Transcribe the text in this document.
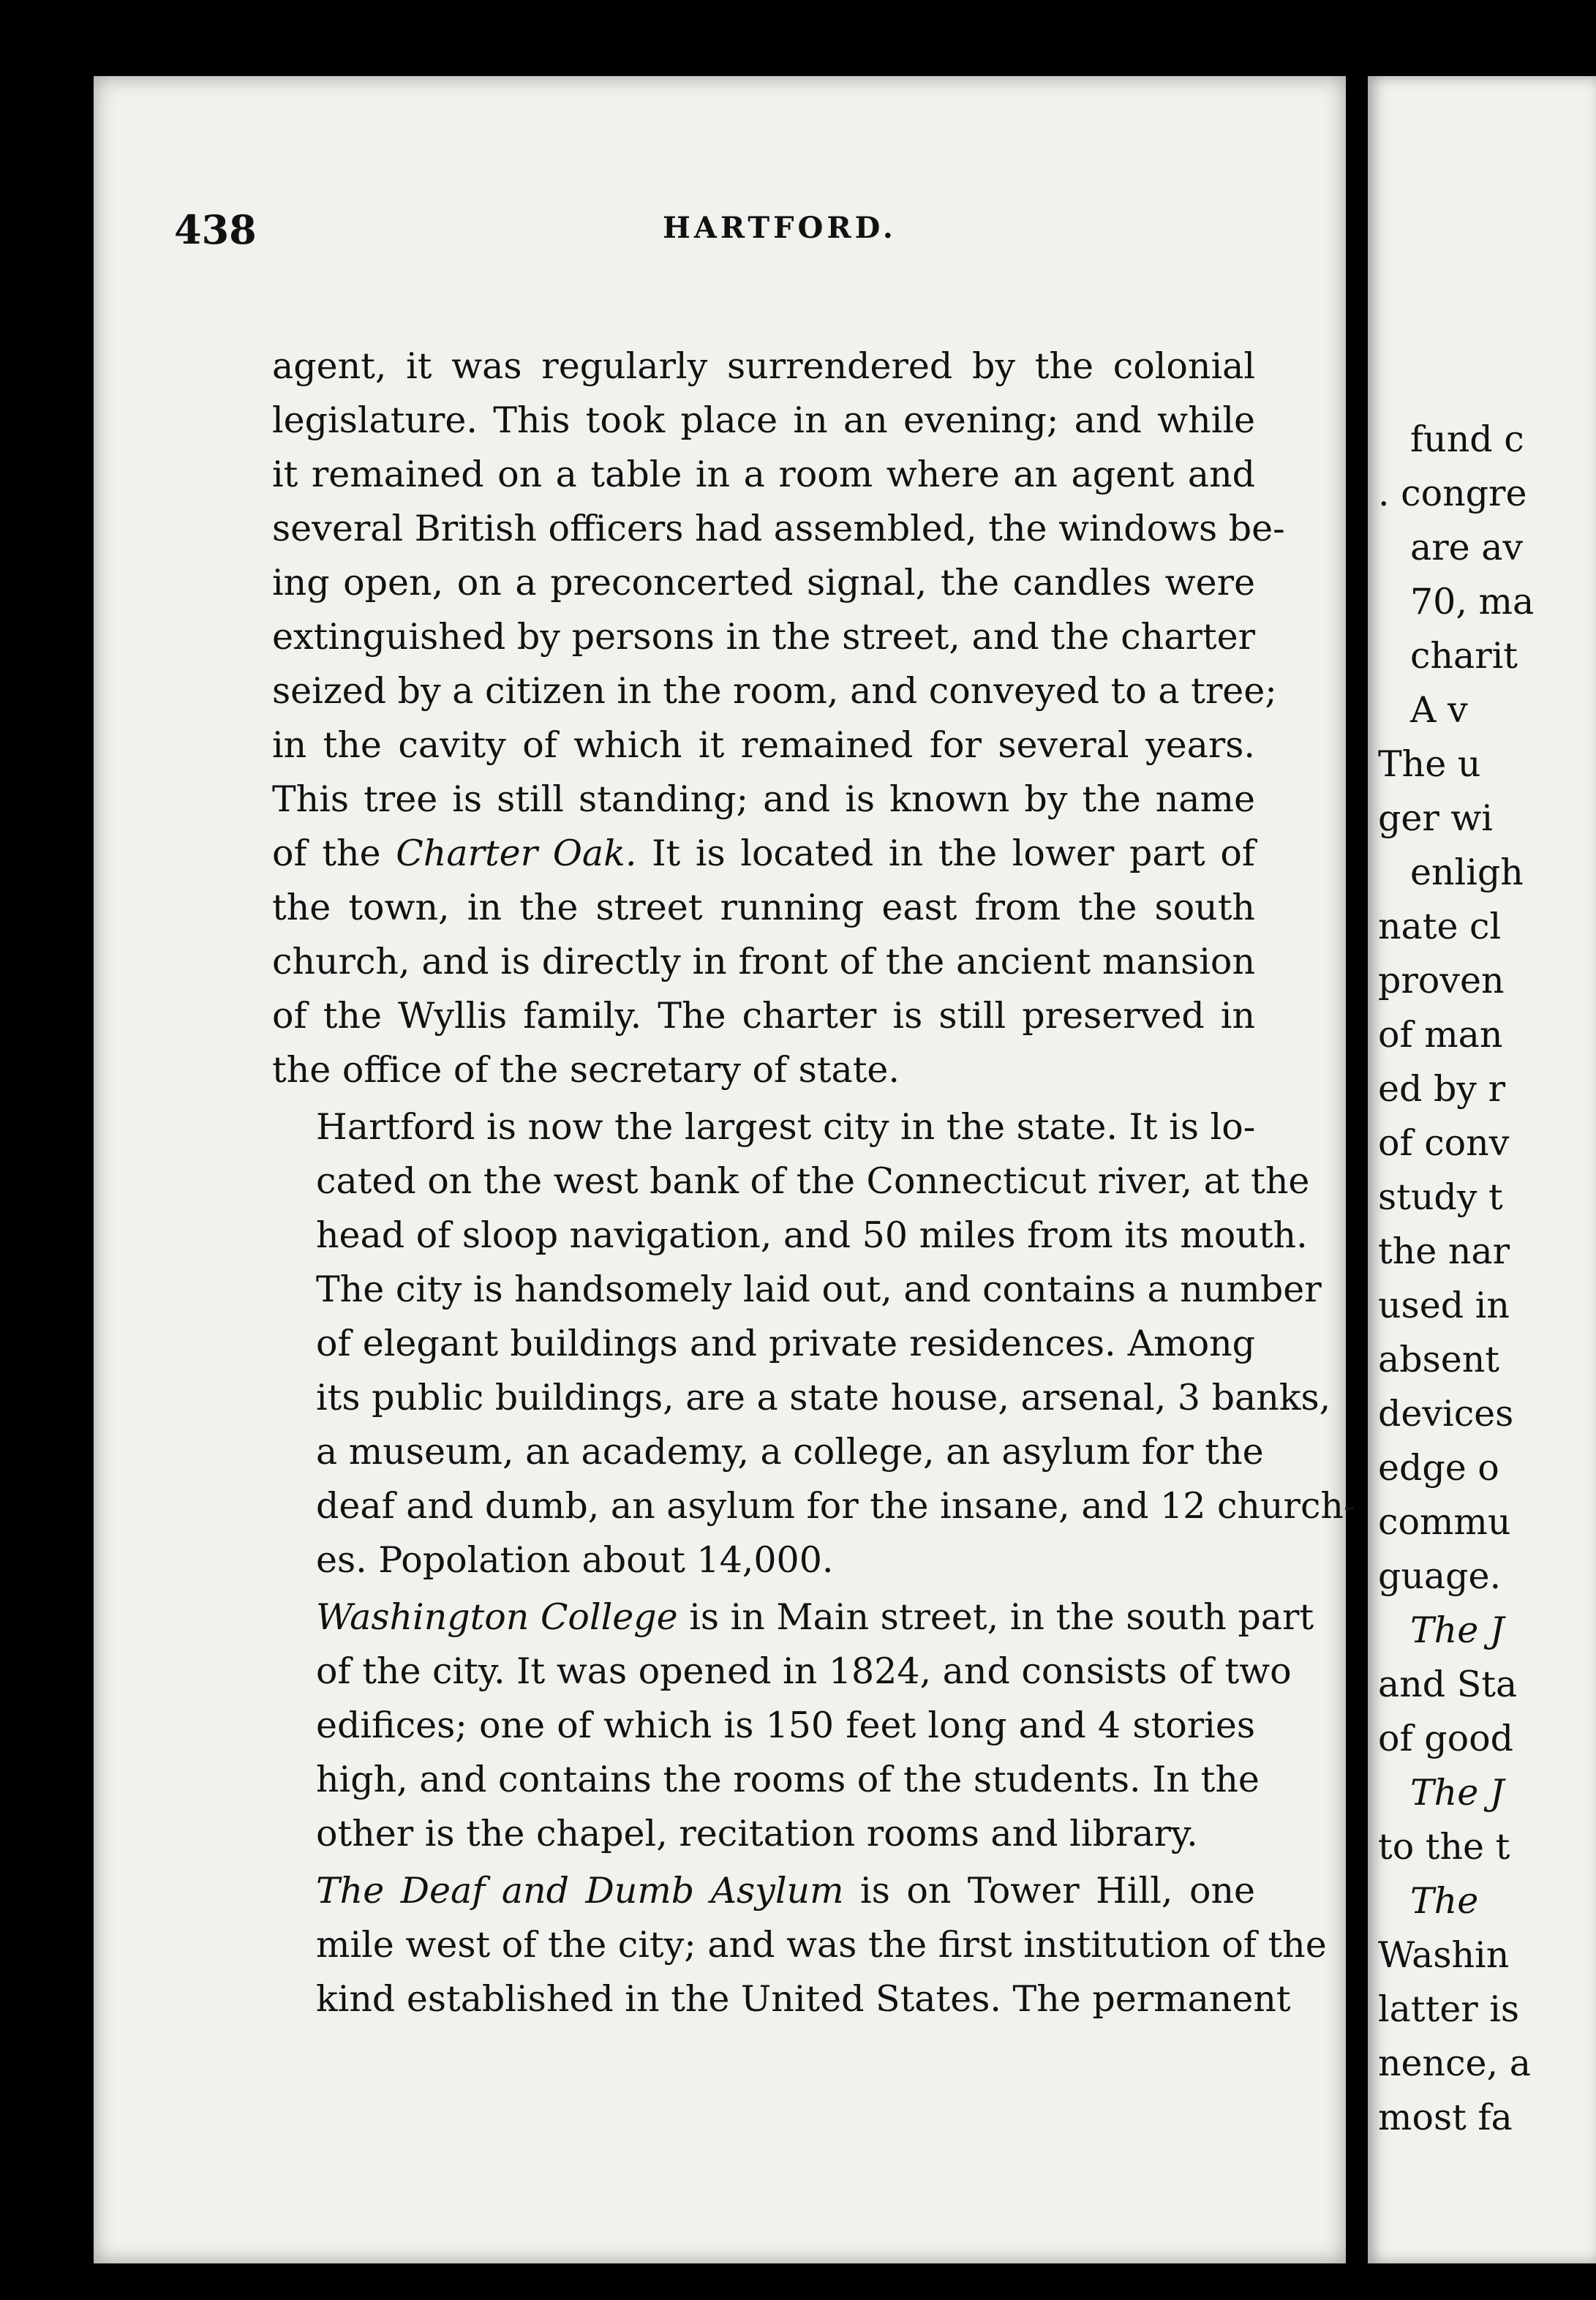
438	HARTFORD.
agent, it was regularly surrendered by the colonial
legislature. This took place in an evening; and while
it remained on a table in a room where an agent and
several British officers had assembled, the windows be-
ing open, on a preconcerted signal, the candles were
extinguished by persons in the street, and the charter
seized by a citizen in the room, and conveyed to a tree;
in the cavity of which it remained for several years.
This tree is still standing; and is known by the name
of the Charter Oak. It is located in the lower part of
the town, in the street running east from the south
church, and is directly in front of the ancient mansion
of the Wyllis family. The charter is still preserved in
the office of the secretary of state.
Hartford is now the largest city in the state. It is lo-
cated on the west bank of the Connecticut river, at the
head of sloop navigation, and 50 miles from its mouth.
The city is handsomely laid out, and contains a number
of elegant buildings and private residences. Among
its public buildings, are a state house, arsenal, 3 banks,
a museum, an academy, a college, an asylum for the
deaf and dumb, an asylum for the insane, and 12 church-
es. Popolation about 14,000.
Washington College is in Main street, in the south part
of the city. It was opened in 1824, and consists of two
edifices; one of which is 150 feet long and 4 stories
high, and contains the rooms of the students. In the
other is the chapel, recitation rooms and library.
The Deaf and Dumb Asylum is on Tower Hill, one
mile west of the city; and was the first institution of the
kind established in the United States. The permanent
fund c
. congre
are av
70, ma
charit
A v
The u
ger wi
enligh
nate cl
proven
of man
ed by r
of conv
study t
the nar
used in
absent
devices
edge o
commu
guage.
The J
and Sta
of good
The J
to the t
The
Washin
latter is
nence, a
most fa
